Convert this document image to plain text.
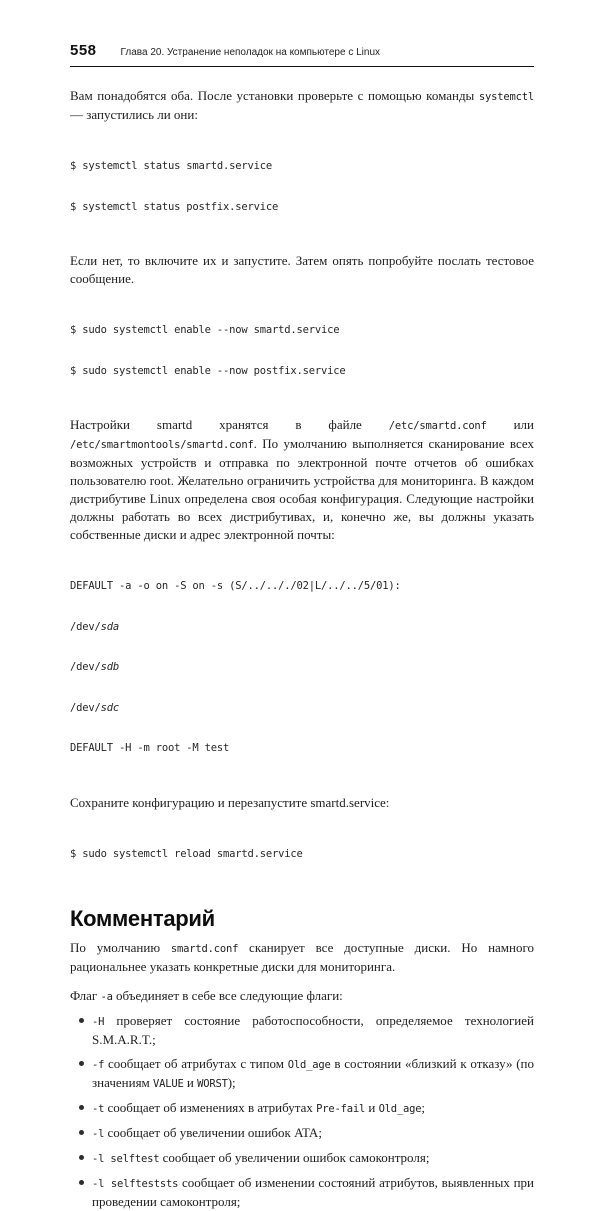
558 Глава 20. Устранение неполадок на компьютере с Linux

Вам понадобятся оба. После установки проверьте с помощью команды systemctl — запустились ли они:

$ systemctl status smartd.service

$ systemctl status postfix.service

Если нет, то включите их и запустите. Затем опять попробуйте послать тестовое сообщение.

$ sudo systemctl enable --now smartd.service

$ sudo systemctl enable --now postfix.service

Настройки smartd хранятся в файле /etc/smartd.conf или /etc/smartmontools/smartd.conf. По умолчанию выполняется сканирование всех возможных устройств и отправка по электронной почте отчетов об ошибках пользователю root. Желательно ограничить устройства для мониторинга. В каждом дистрибутиве Linux определена своя особая конфигурация. Следующие настройки должны работать во всех дистрибутивах, и, конечно же, вы должны указать собственные диски и адрес электронной почты:

DEFAULT -a -o on -S on -s (S/../.././02|L/../../5/01):

/dev/sda

/dev/sdb

/dev/sdc

DEFAULT -H -m root -M test

Сохраните конфигурацию и перезапустите smartd.service:

$ sudo systemctl reload smartd.service

Комментарий

По умолчанию smartd.conf сканирует все доступные диски. Но намного рациональнее указать конкретные диски для мониторинга.

Флаг -a объединяет в себе все следующие флаги:

-H проверяет состояние работоспособности, определяемое технологией S.M.A.R.T.;
-f сообщает об атрибутах с типом Old_age в состоянии «близкий к отказу» (по значениям VALUE и WORST);
-t сообщает об изменениях в атрибутах Pre-fail и Old_age;
-l сообщает об увеличении ошибок ATA;
-l selftest сообщает об увеличении ошибок самоконтроля;
-l selfteststs сообщает об изменении состояний атрибутов, выявленных при проведении самоконтроля;
